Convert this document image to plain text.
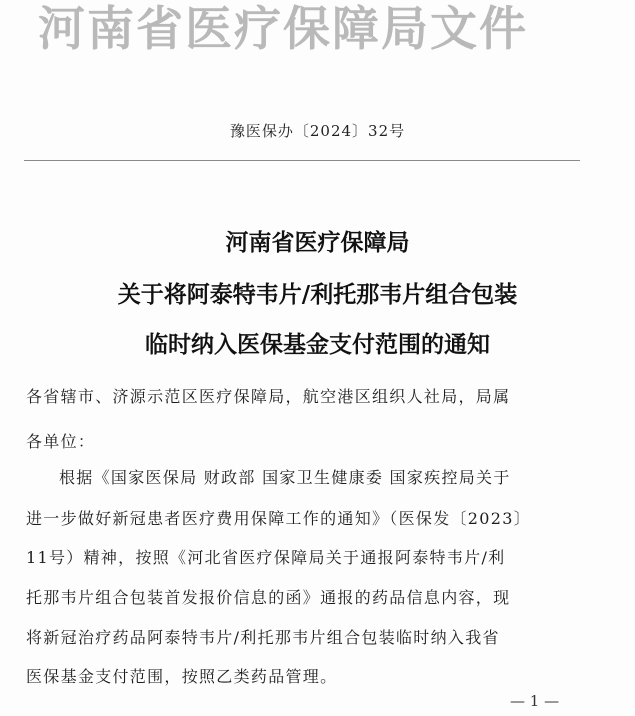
河南省医疗保障局文件
豫医保办〔2024〕32号
河南省医疗保障局
关于将阿泰特韦片/利托那韦片组合包装
临时纳入医保基金支付范围的通知
各省辖市、济源示范区医疗保障局，航空港区组织人社局，局属
各单位：
根据《国家医保局 财政部 国家卫生健康委 国家疾控局关于
进一步做好新冠患者医疗费用保障工作的通知》（医保发〔2023〕
11号）精神，按照《河北省医疗保障局关于通报阿泰特韦片/利
托那韦片组合包装首发报价信息的函》通报的药品信息内容，现
将新冠治疗药品阿泰特韦片/利托那韦片组合包装临时纳入我省
医保基金支付范围，按照乙类药品管理。
— 1 —
